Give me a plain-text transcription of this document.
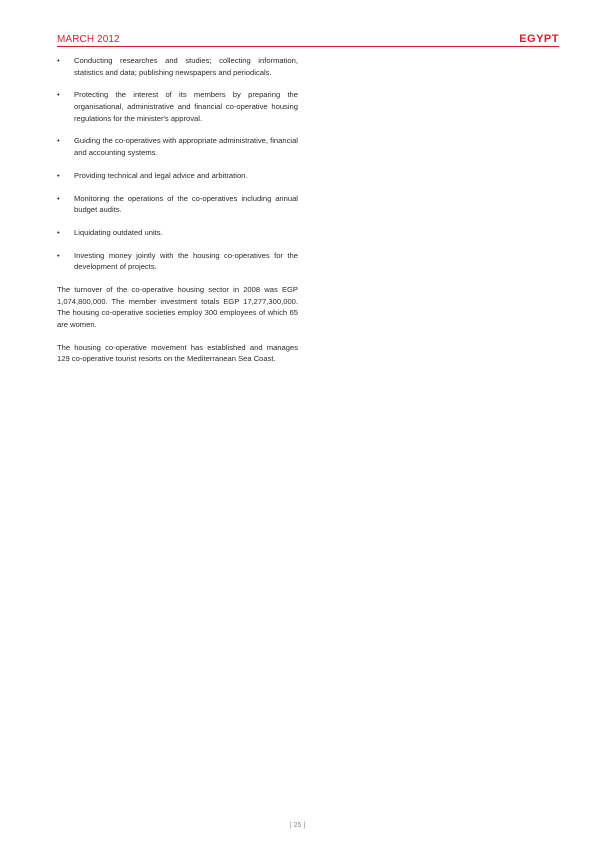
MARCH 2012	EGYPT
• Conducting researches and studies; collecting information, statistics and data; publishing newspapers and periodicals.
• Protecting the interest of its members by preparing the organisational, administrative and financial co-operative housing regulations for the minister's approval.
• Guiding the co-operatives with appropriate administrative, financial and accounting systems.
• Providing technical and legal advice and arbitration.
• Monitoring the operations of the co-operatives including annual budget audits.
• Liquidating outdated units.
• Investing money jointly with the housing co-operatives for the development of projects.

The turnover of the co-operative housing sector in 2008 was EGP 1,074,800,000. The member investment totals EGP 17,277,300,000. The housing co-operative societies employ 300 employees of which 65 are women.

The housing co-operative movement has established and manages 129 co-operative tourist resorts on the Mediterranean Sea Coast.

| 25 |
